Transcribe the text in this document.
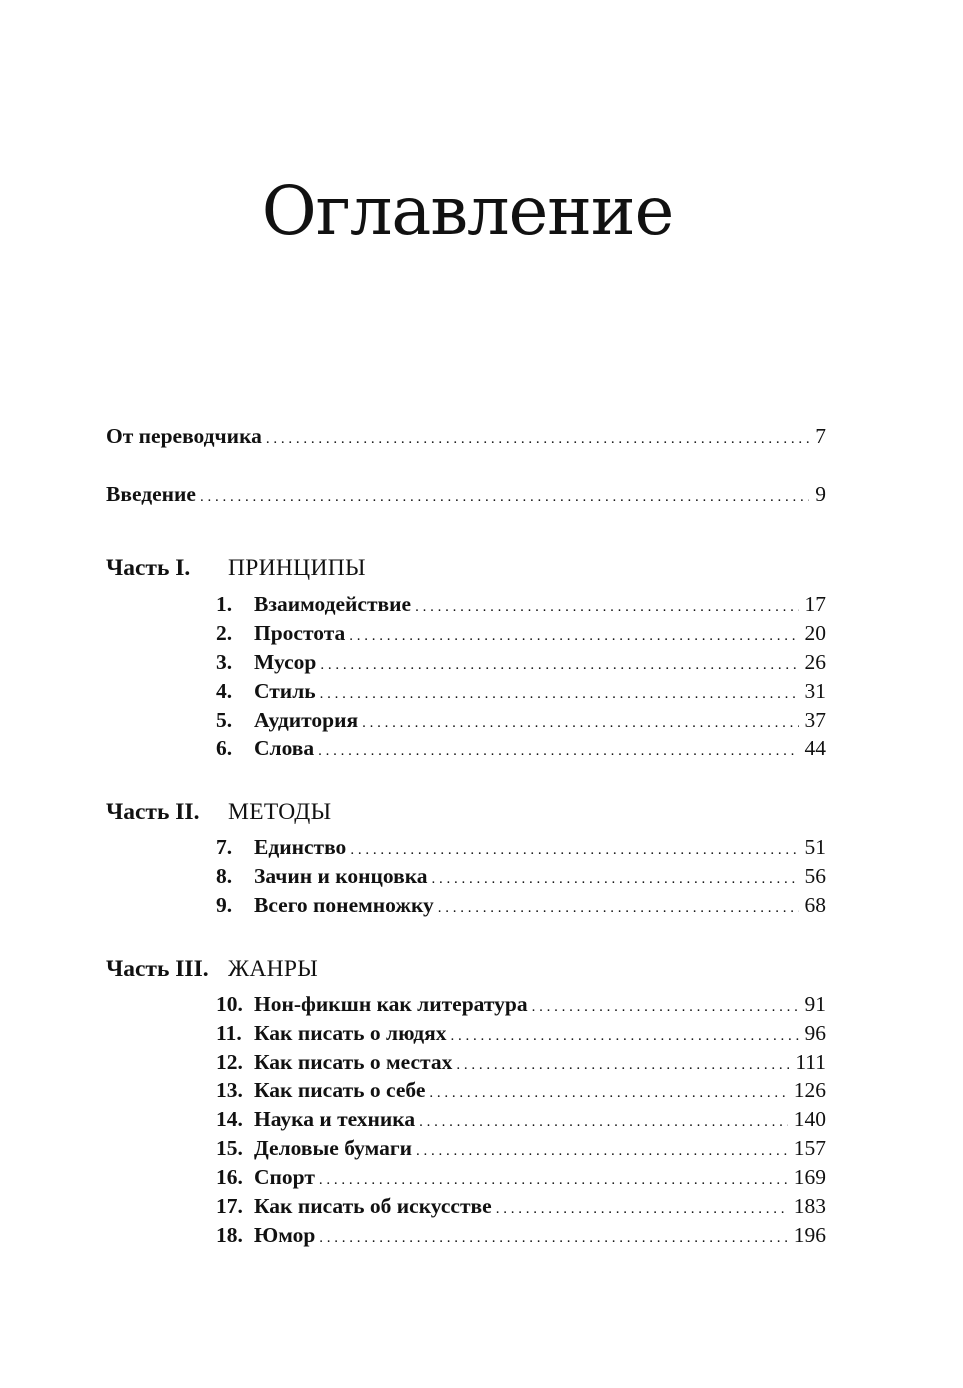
Оглавление
От переводчика . . .	7
Введение . . .	9
Часть I. ПРИНЦИПЫ
1.	Взаимодействие . . .	17
2.	Простота . . .	20
3.	Мусор . . .	26
4.	Стиль . . .	31
5.	Аудитория . . .	37
6.	Слова . . .	44
Часть II. МЕТОДЫ
7.	Единство . . .	51
8.	Зачин и концовка . . .	56
9.	Всего понемножку . . .	68
Часть III. ЖАНРЫ
10. Нон-фикшн как литература . . .	91
11. Как писать о людях . . .	96
12. Как писать о местах . . .	111
13. Как писать о себе . . .	126
14. Наука и техника . . .	140
15. Деловые бумаги . . .	157
16. Спорт . . .	169
17. Как писать об искусстве . . .	183
18. Юмор . . .	196
